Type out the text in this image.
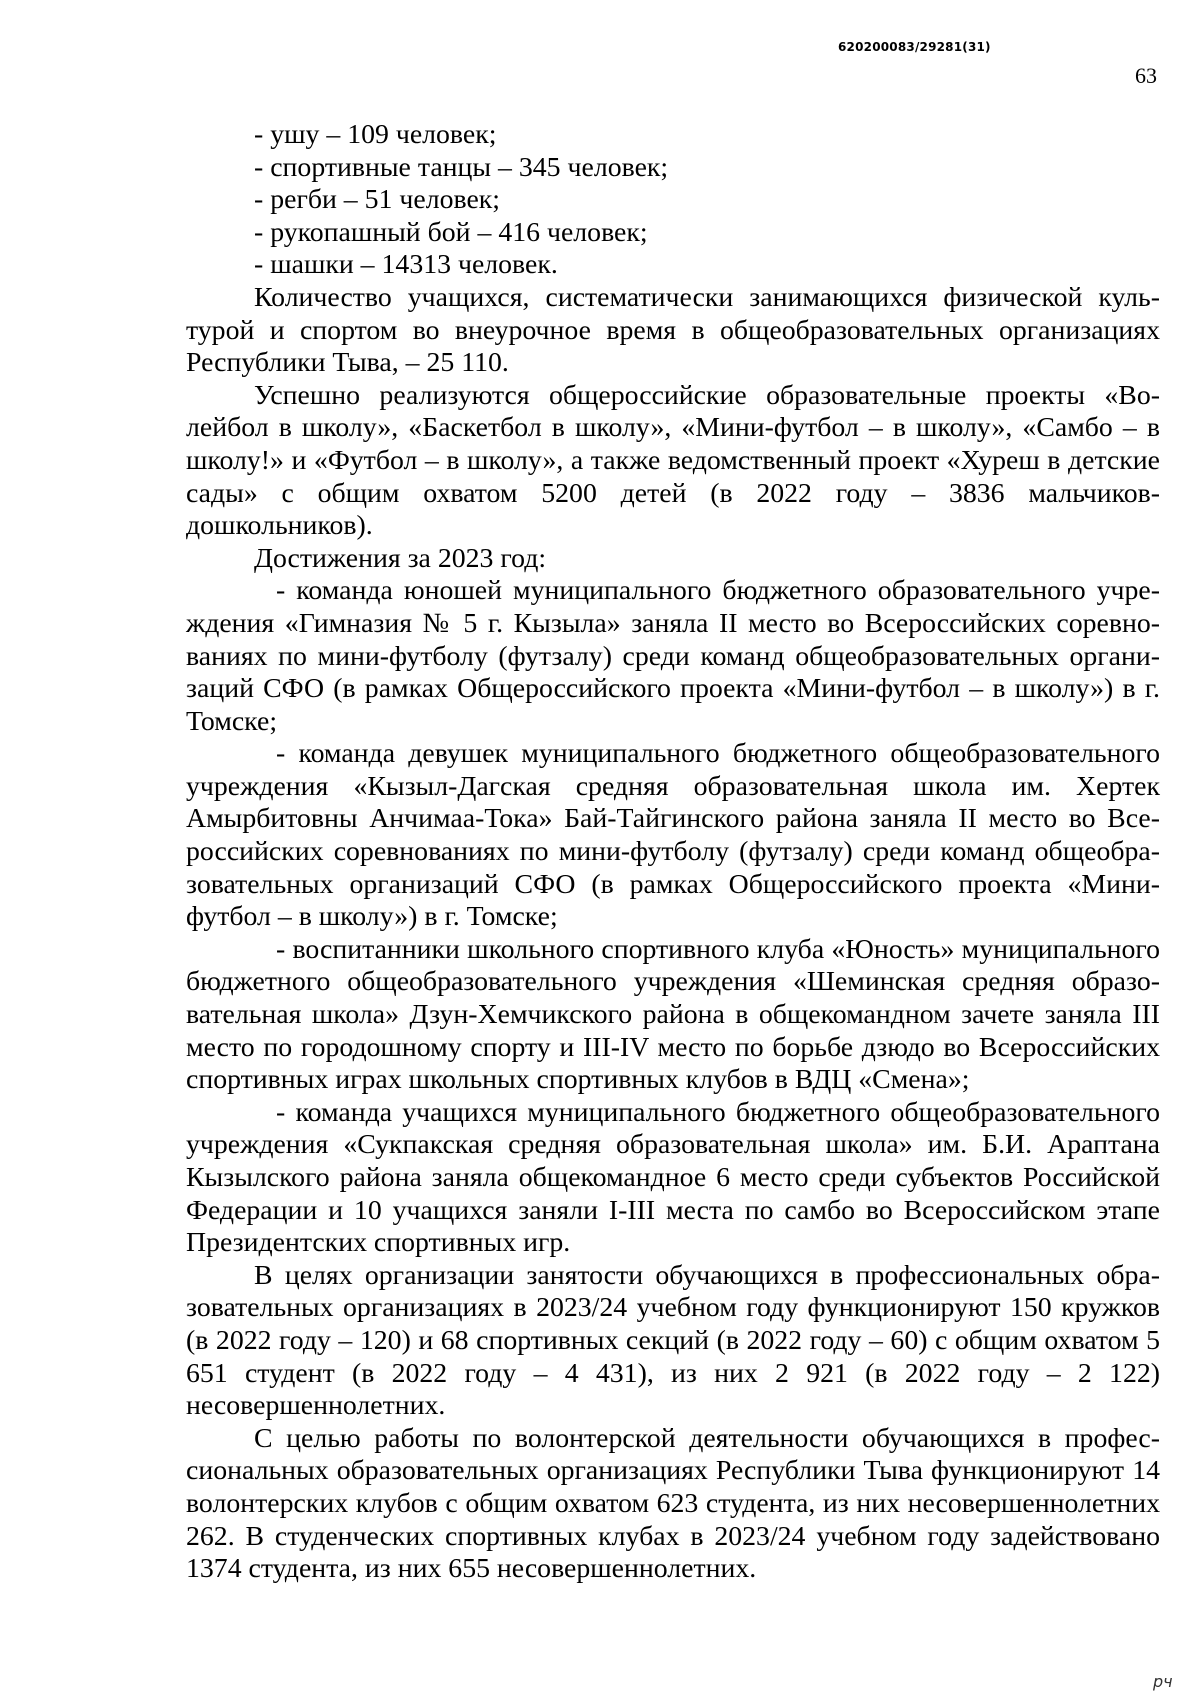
620200083/29281(31)
63

- ушу – 109 человек;

- спортивные танцы – 345 человек;

- регби – 51 человек;

- рукопашный бой – 416 человек;

- шашки – 14313 человек.

Количество учащихся, систематически занимающихся физической культурой и спортом во внеурочное время в общеобразовательных организациях Республики Тыва, – 25 110.

Успешно реализуются общероссийские образовательные проекты «Волейбол в школу», «Баскетбол в школу», «Мини-футбол – в школу», «Самбо – в школу!» и «Футбол – в школу», а также ведомственный проект «Хуреш в детские сады» с общим охватом 5200 детей (в 2022 году – 3836 мальчиков-дошкольников).

Достижения за 2023 год:

- команда юношей муниципального бюджетного образовательного учреждения «Гимназия № 5 г. Кызыла» заняла II место во Всероссийских соревнованиях по мини-футболу (футзалу) среди команд общеобразовательных организаций СФО (в рамках Общероссийского проекта «Мини-футбол – в школу») в г. Томске;

- команда девушек муниципального бюджетного общеобразовательного учреждения «Кызыл-Дагская средняя образовательная школа им. Хертек Амырбитовны Анчимаа-Тока» Бай-Тайгинского района заняла II место во Всероссийских соревнованиях по мини-футболу (футзалу) среди команд общеобразовательных организаций СФО (в рамках Общероссийского проекта «Мини-футбол – в школу») в г. Томске;

- воспитанники школьного спортивного клуба «Юность» муниципального бюджетного общеобразовательного учреждения «Шеминская средняя образовательная школа» Дзун-Хемчикского района в общекомандном зачете заняла III место по городошному спорту и III-IV место по борьбе дзюдо во Всероссийских спортивных играх школьных спортивных клубов в ВДЦ «Смена»;

- команда учащихся муниципального бюджетного общеобразовательного учреждения «Сукпакская средняя образовательная школа» им. Б.И. Араптана Кызылского района заняла общекомандное 6 место среди субъектов Российской Федерации и 10 учащихся заняли I-III места по самбо во Всероссийском этапе Президентских спортивных игр.

В целях организации занятости обучающихся в профессиональных образовательных организациях в 2023/24 учебном году функционируют 150 кружков (в 2022 году – 120) и 68 спортивных секций (в 2022 году – 60) с общим охватом 5 651 студент (в 2022 году – 4 431), из них 2 921 (в 2022 году – 2 122) несовершеннолетних.

С целью работы по волонтерской деятельности обучающихся в профессиональных образовательных организациях Республики Тыва функционируют 14 волонтерских клубов с общим охватом 623 студента, из них несовершеннолетних 262. В студенческих спортивных клубах в 2023/24 учебном году задействовано 1374 студента, из них 655 несовершеннолетних.

рч
